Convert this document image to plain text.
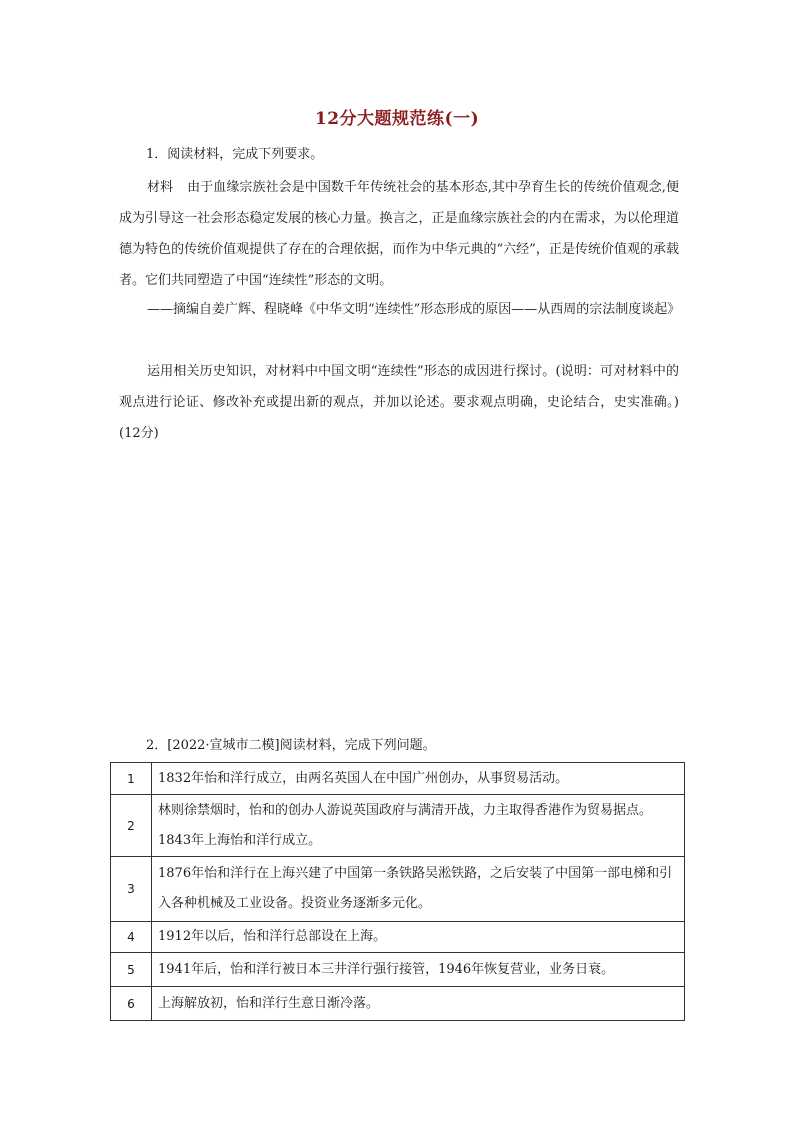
12分大题规范练(一)
1．阅读材料，完成下列要求。

材料 由于血缘宗族社会是中国数千年传统社会的基本形态,其中孕育生长的传统价值观念,便成为引导这一社会形态稳定发展的核心力量。换言之，正是血缘宗族社会的内在需求，为以伦理道德为特色的传统价值观提供了存在的合理依据，而作为中华元典的“六经”，正是传统价值观的承载者。它们共同塑造了中国“连续性”形态的文明。

——摘编自姜广辉、程晓峰《中华文明“连续性”形态形成的原因——从西周的宗法制度谈起》

运用相关历史知识，对材料中中国文明“连续性”形态的成因进行探讨。(说明：可对材料中的观点进行论证、修改补充或提出新的观点，并加以论述。要求观点明确，史论结合，史实准确。)(12分)

2．[2022·宣城市二模]阅读材料，完成下列问题。
1	1832年怡和洋行成立，由两名英国人在中国广州创办，从事贸易活动。
2	林则徐禁烟时，怡和的创办人游说英国政府与满清开战，力主取得香港作为贸易据点。1843年上海怡和洋行成立。
3	1876年怡和洋行在上海兴建了中国第一条铁路吴淞铁路，之后安装了中国第一部电梯和引入各种机械及工业设备。投资业务逐渐多元化。
4	1912年以后，怡和洋行总部设在上海。
5	1941年后，怡和洋行被日本三井洋行强行接管，1946年恢复营业，业务日衰。
6	上海解放初，怡和洋行生意日渐冷落。
